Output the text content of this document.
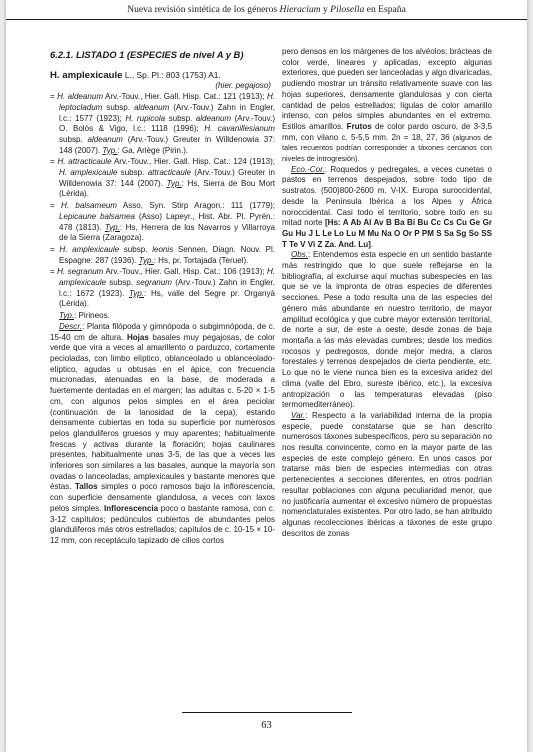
Nueva revisión sintética de los géneros Hieracium y Pilosella en España

6.2.1. LISTADO 1 (ESPECIES de nivel A y B)

H. amplexicaule L., Sp. Pl.: 803 (1753) A1.

(hier. pegajoso)

= H. aldeanum Arv.-Touv., Hier. Gall. Hisp. Cat.: 121 (1913); H. leptocladum subsp. aldeanum (Arv.-Touv.) Zahn in Engler, l.c.: 1577 (1923); H. rupicola subsp. aldeanum (Arv.-Touv.) O. Bolòs & Vigo, l.c.: 1118 (1996); H. cavanillesianum subsp. aldeanum (Arv.-Touv.) Greuter in Willdenowia 37: 148 (2007). Typ.: Ga, Ariège (Pirin.).

= H. attracticaule Arv.-Touv., Hier. Gall. Hisp. Cat.: 124 (1913); H. amplexicaule subsp. attracticaule (Arv.-Touv.) Greuter in Willdenowia 37: 144 (2007). Typ.: Hs, Sierra de Bou Mort (Lérida).

= H. balsameum Asso, Syn. Stirp Aragon.: 111 (1779); Lepicaune balsamea (Asso) Lapeyr., Hist. Abr. Pl. Pyrén.: 478 (1813). Typ.: Hs, Herrera de los Navarros y Villarroya de la Sierra (Zaragoza).

= H. amplexicaule subsp. leonis Sennen, Diagn. Nouv. Pl. Espagne: 287 (1936). Typ.: Hs, pr. Tortajada (Teruel).

= H. segranum Arv.-Touv., Hier. Gall. Hisp. Cat.: 106 (1913); H. amplexicaule subsp. segranum (Arv.-Touv.) Zahn in Engler, l.c.: 1672 (1923). Typ.: Hs, valle del Segre pr. Organyà (Lérida).

Typ.: Pirineos.

Descr.: Planta filópoda y gimnópoda o subgimnópoda, de c. 15-40 cm de altura. Hojas basales muy pegajosas, de color verde que vira a veces al amarillento o parduzco, cortamente pecioladas, con limbo elíptico, oblanceolado u oblanceolado-elíptico, agudas u obtusas en el ápice, con frecuencia mucronadas, atenuadas en la base, de moderada a fuertemente dentadas en el margen; las adultas c. 5-20 × 1-5 cm, con algunos pelos simples en el área peciolar (continuación de la lanosidad de la cepa), estando densamente cubiertas en toda su superficie por numerosos pelos glanduliferos gruesos y muy aparentes; habitualmente frescas y activas durante la floración; hojas caulinares presentes, habitualmente unas 3-5, de las que a veces las inferiores son similares a las basales, aunque la mayoría son ovadas o lanceoladas, amplexicaules y bastante menores que éstas. Tallos simples o poco ramosos bajo la inflorescencia, con superficie densamente glandulosa, a veces con laxos pelos simples. Inflorescencia poco o bastante ramosa, con c. 3-12 capítulos; pedúnculos cubiertos de abundantes pelos glanduliferos más otros estrellados; capítulos de c. 10-15 × 10-12 mm, con receptáculo tapizado de cilios cortos

pero densos en los márgenes de los alvéolos; brácteas de color verde, lineares y aplicadas, excepto algunas exteriores, que pueden ser lanceoladas y algo divaricadas, pudiendo mostrar un tránsito relativamente suave con las hojas superiores, densamente glandulosas y con cierta cantidad de pelos estrellados; lígulas de color amarillo intenso, con pelos simples abundantes en el extremo. Estilos amarillos. Frutos de color pardo oscuro, de 3-3,5 mm, con vilano c. 5-5,5 mm. 2n = 18, 27, 36 (algunos de tales recuentos podrían corresponder a táxones cercanos con niveles de introgresión).

Eco.-Cor.: Roquedos y pedregales, a veces cunetas o pastos en terrenos despejados, sobre todo tipo de sustratos. (500)800-2600 m. V-IX. Europa suroccidental, desde la Península Ibérica a los Alpes y África noroccidental. Casi todo el territorio, sobre todo en su mitad norte [Hs: A Ab Al Av B Ba Bi Bu Cc Cs Cu Ge Gr Gu Hu J L Le Lo Lu M Mu Na O Or P PM S Sa Sg So SS T Te V Vi Z Za. And. Lu].

Obs.: Entendemos esta especie en un sentido bastante más restringido que lo que suele reflejarse en la bibliografía, al excluirse aquí muchas subespecies en las que se ve la impronta de otras especies de diferentes secciones. Pese a todo resulta una de las especies del género más abundante en nuestro territorio, de mayor amplitud ecológica y que cubre mayor extensión territorial, de norte a sur, de este a oeste, desde zonas de baja montaña a las más elevadas cumbres; desde los medios rocosos y pedregosos, donde mejor medra, a claros forestales y terrenos despejados de cierta pendiente, etc. Lo que no le viene nunca bien es la excesiva aridez del clima (valle del Ebro, sureste ibérico, etc.), la excesiva antropización o las temperaturas elevadas (piso termomediterráneo).

Var.: Respecto a la variabilidad interna de la propia especie, puede constatarse que se han descrito numerosos táxones subespecíficos, pero su separación no nos resulta convincente, como en la mayor parte de las especies de este complejo género. En unos casos por tratarse más bien de especies intermedias con otras pertenecientes a secciones diferentes, en otros podrían resultar poblaciones con alguna peculiaridad menor, que no justificaría aumentar el excesivo número de propuestas nomenclaturales existentes. Por otro lado, se han atribuido algunas recolecciones ibéricas a táxones de este grupo descritos de zonas

63
